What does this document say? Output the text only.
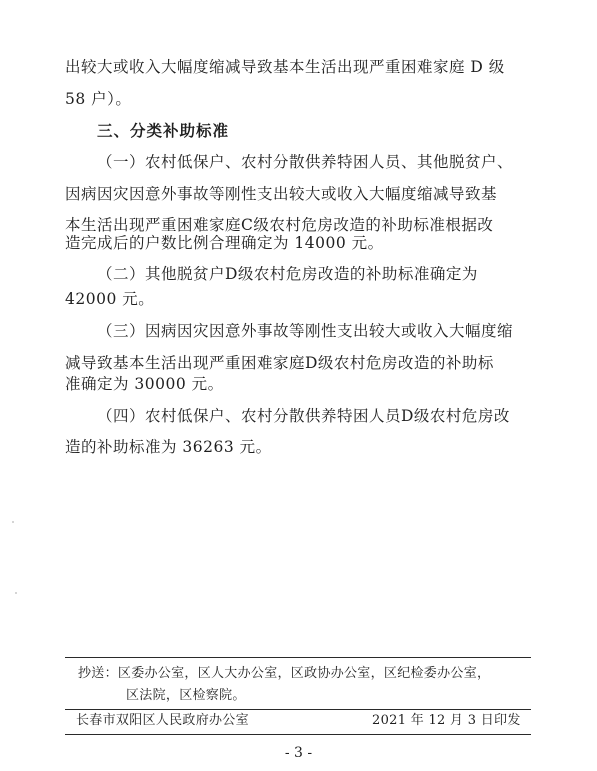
出较大或收入大幅度缩减导致基本生活出现严重困难家庭 D 级
58 户）。
三、分类补助标准
（一）农村低保户、农村分散供养特困人员、其他脱贫户、
因病因灾因意外事故等刚性支出较大或收入大幅度缩减导致基
本生活出现严重困难家庭C级农村危房改造的补助标准根据改
造完成后的户数比例合理确定为 14000 元。
（二）其他脱贫户D级农村危房改造的补助标准确定为
42000 元。
（三）因病因灾因意外事故等刚性支出较大或收入大幅度缩
减导致基本生活出现严重困难家庭D级农村危房改造的补助标
准确定为 30000 元。
（四）农村低保户、农村分散供养特困人员D级农村危房改
造的补助标准为 36263 元。
抄送：区委办公室，区人大办公室，区政协办公室，区纪检委办公室，
区法院，区检察院。
长春市双阳区人民政府办公室	2021 年 12 月 3 日印发
- 3 -
